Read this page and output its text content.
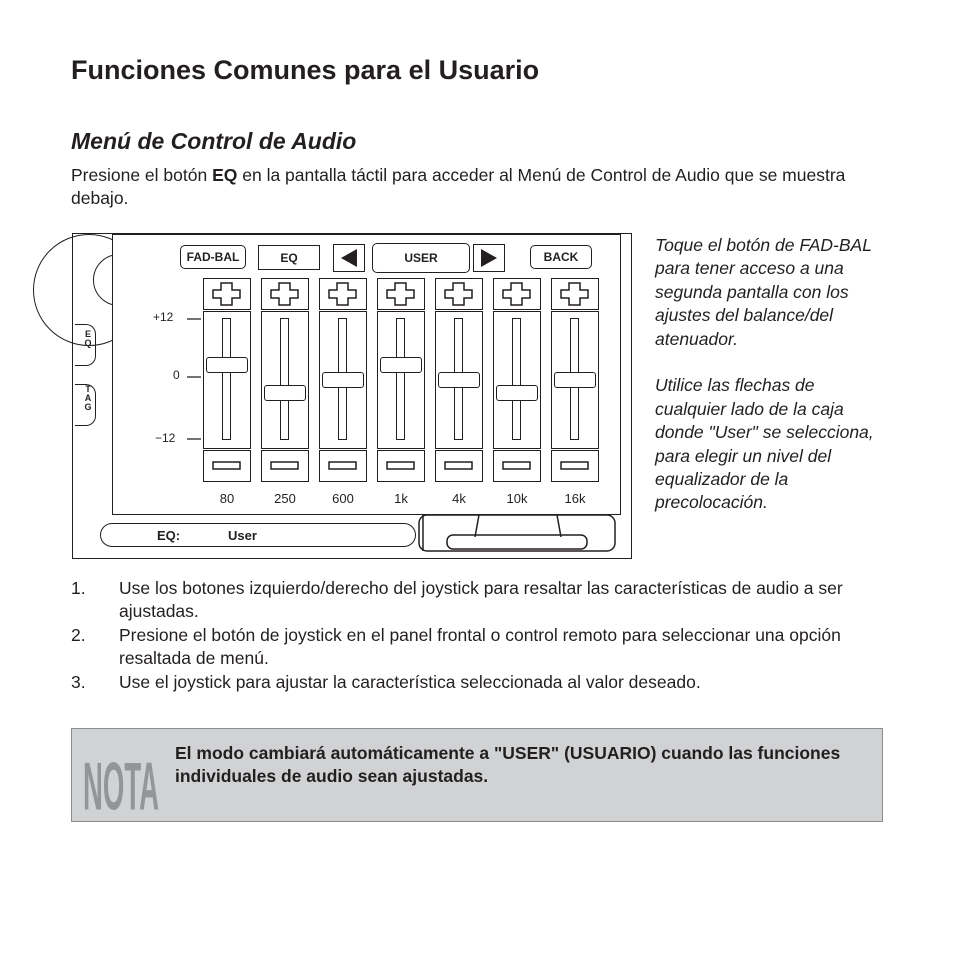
Funciones Comunes para el Usuario
Menú de Control de Audio

Presione el botón EQ en la pantalla táctil para acceder al Menú de Control de Audio que se muestra debajo.

E Q
T A G
FAD-BAL	EQ	USER	BACK
+12
0
−12
80	250	600	1k	4k	10k	16k
EQ:	User

Toque el botón de FAD-BAL para tener acceso a una segunda pantalla con los ajustes del balance/del atenuador.

Utilice las flechas de cualquier lado de la caja donde "User" se selecciona, para elegir un nivel del equalizador de la precolocación.

1. Use los botones izquierdo/derecho del joystick para resaltar las características de audio a ser ajustadas.
2. Presione el botón de joystick en el panel frontal o control remoto para seleccionar una opción resaltada de menú.
3. Use el joystick para ajustar la característica seleccionada al valor deseado.
NOTA El modo cambiará automáticamente a "USER" (USUARIO) cuando las funciones individuales de audio sean ajustadas.
